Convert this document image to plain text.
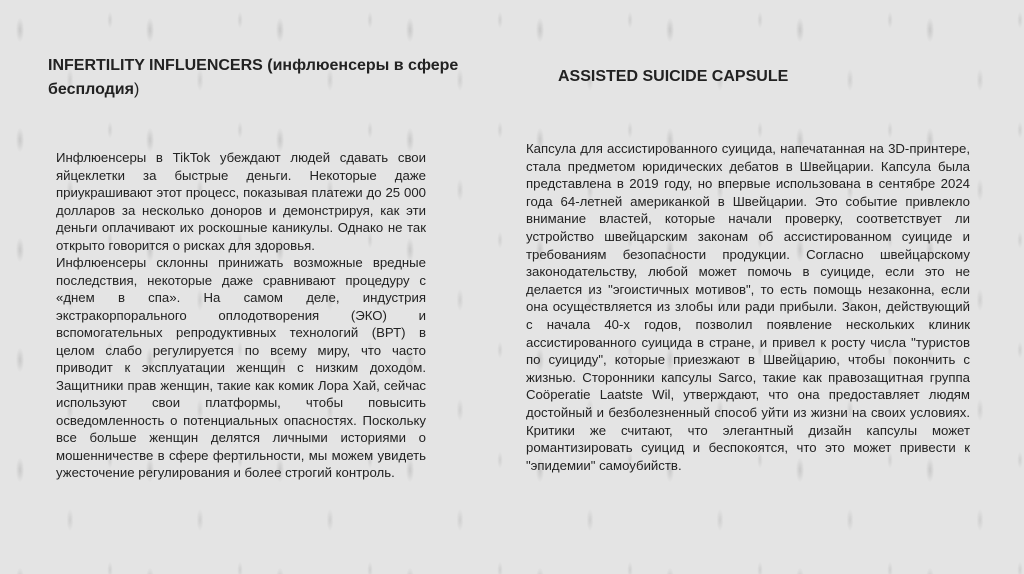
INFERTILITY INFLUENCERS (инфлюенсеры в сфере бесплодия)
ASSISTED SUICIDE CAPSULE

Инфлюенсеры в TikTok убеждают людей сдавать свои яйцеклетки за быстрые деньги. Некоторые даже приукрашивают этот процесс, показывая платежи до 25 000 долларов за несколько доноров и демонстрируя, как эти деньги оплачивают их роскошные каникулы. Однако не так открыто говорится о рисках для здоровья.

Инфлюенсеры склонны принижать возможные вредные последствия, некоторые даже сравнивают процедуру с «днем в спа». На самом деле, индустрия экстракорпорального оплодотворения (ЭКО) и вспомогательных репродуктивных технологий (ВРТ) в целом слабо регулируется по всему миру, что часто приводит к эксплуатации женщин с низким доходом. Защитники прав женщин, такие как комик Лора Хай, сейчас используют свои платформы, чтобы повысить осведомленность о потенциальных опасностях. Поскольку все больше женщин делятся личными историями о мошенничестве в сфере фертильности, мы можем увидеть ужесточение регулирования и более строгий контроль.

Капсула для ассистированного суицида, напечатанная на 3D-принтере, стала предметом юридических дебатов в Швейцарии. Капсула была представлена в 2019 году, но впервые использована в сентябре 2024 года 64-летней американкой в Швейцарии. Это событие привлекло внимание властей, которые начали проверку, соответствует ли устройство швейцарским законам об ассистированном суициде и требованиям безопасности продукции. Согласно швейцарскому законодательству, любой может помочь в суициде, если это не делается из "эгоистичных мотивов", то есть помощь незаконна, если она осуществляется из злобы или ради прибыли. Закон, действующий с начала 40-х годов, позволил появление нескольких клиник ассистированного суицида в стране, и привел к росту числа "туристов по суициду", которые приезжают в Швейцарию, чтобы покончить с жизнью. Сторонники капсулы Sarco, такие как правозащитная группа Coöperatie Laatste Wil, утверждают, что она предоставляет людям достойный и безболезненный способ уйти из жизни на своих условиях. Критики же считают, что элегантный дизайн капсулы может романтизировать суицид и беспокоятся, что это может привести к "эпидемии" самоубийств.
